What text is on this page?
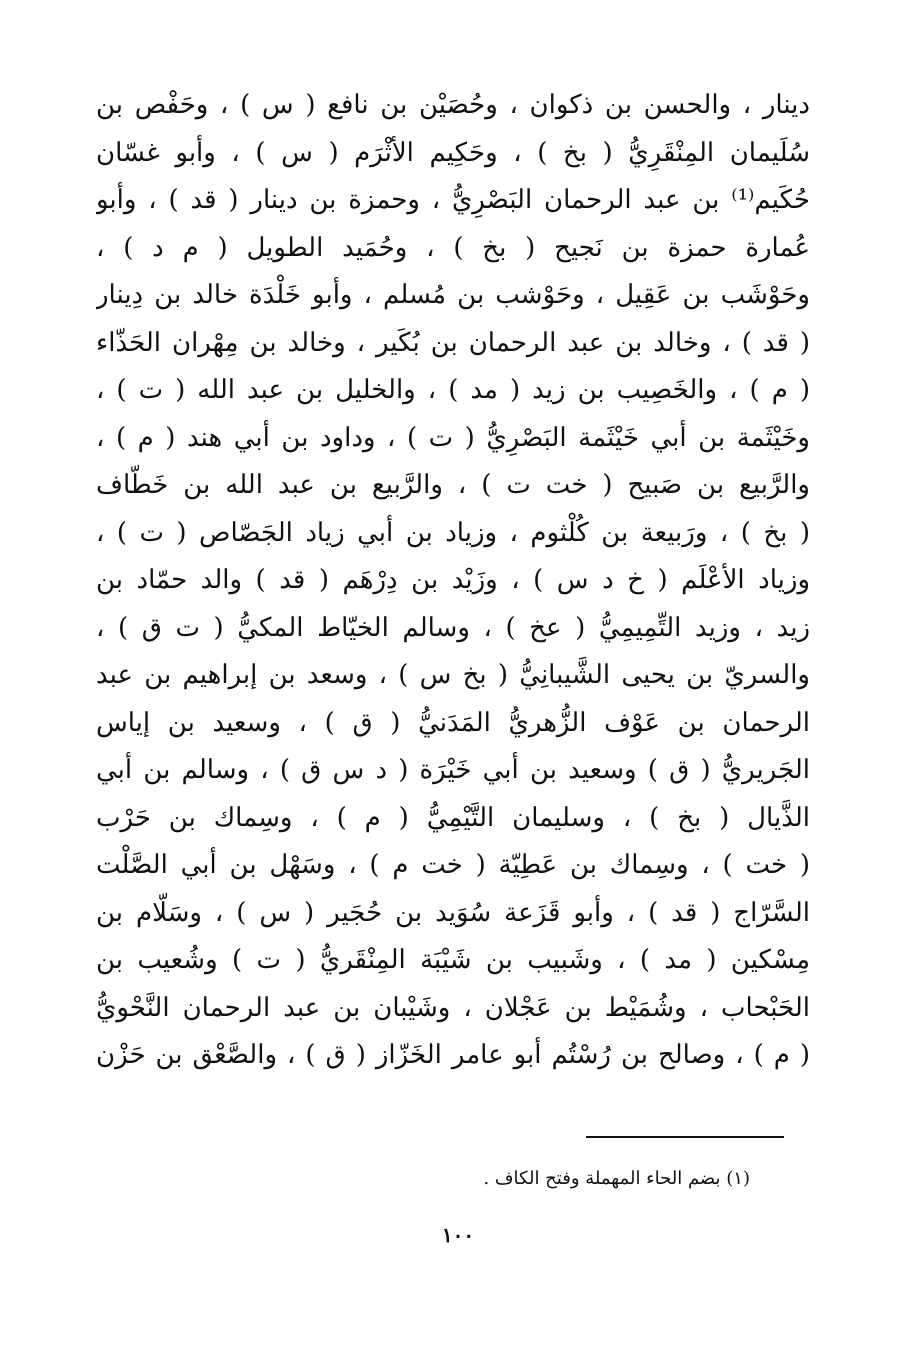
دينار ، والحسن بن ذكوان ، وحُصَيْن بن نافع ( س ) ، وحَفْص بن
سُلَيمان المِنْقَرِيُّ ( بخ ) ، وحَكِيم الأثْرَم ( س ) ، وأبو غسّان
حُكَيم⁽¹⁾ بن عبد الرحمان البَصْرِيُّ ، وحمزة بن دينار ( قد ) ، وأبو
عُمارة حمزة بن نَجيح ( بخ ) ، وحُمَيد الطويل ( م د ) ،
وحَوْشَب بن عَقِيل ، وحَوْشب بن مُسلم ، وأبو خَلْدَة خالد بن دِينار
( قد ) ، وخالد بن عبد الرحمان بن بُكَير ، وخالد بن مِهْران الحَذّاء
( م ) ، والخَصِيب بن زيد ( مد ) ، والخليل بن عبد الله ( ت ) ،
وخَيْثَمة بن أبي خَيْثَمة البَصْرِيُّ ( ت ) ، وداود بن أبي هند ( م ) ،
والرَّبيع بن صَبيح ( خت ت ) ، والرَّبيع بن عبد الله بن خَطّاف
( بخ ) ، ورَبيعة بن كُلْثوم ، وزياد بن أبي زياد الجَصّاص ( ت ) ،
وزياد الأعْلَم ( خ د س ) ، وزَيْد بن دِرْهَم ( قد ) والد حمّاد بن
زيد ، وزيد التِّمِيمِيُّ ( عخ ) ، وسالم الخيّاط المكيُّ ( ت ق ) ،
والسريّ بن يحيى الشَّيبانِيُّ ( بخ س ) ، وسعد بن إبراهيم بن عبد
الرحمان بن عَوْف الزُّهريُّ المَدَنيُّ ( ق ) ، وسعيد بن إياس
الجَريريُّ ( ق ) وسعيد بن أبي خَيْرَة ( د س ق ) ، وسالم بن أبي
الذَّيال ( بخ ) ، وسليمان التَّيْمِيُّ ( م ) ، وسِماك بن حَرْب
( خت ) ، وسِماك بن عَطِيّة ( خت م ) ، وسَهْل بن أبي الصَّلْت
السَّرّاج ( قد ) ، وأبو قَزَعة سُوَيد بن حُجَير ( س ) ، وسَلّام بن
مِسْكين ( مد ) ، وشَبيب بن شَيْبَة المِنْقَريُّ ( ت ) وشُعيب بن
الحَبْحاب ، وشُمَيْط بن عَجْلان ، وشَيْبان بن عبد الرحمان النَّحْويُّ
( م ) ، وصالح بن رُسْتُم أبو عامر الخَزّاز ( ق ) ، والصَّعْق بن حَزْن
(١) بضم الحاء المهملة وفتح الكاف .
١٠٠
